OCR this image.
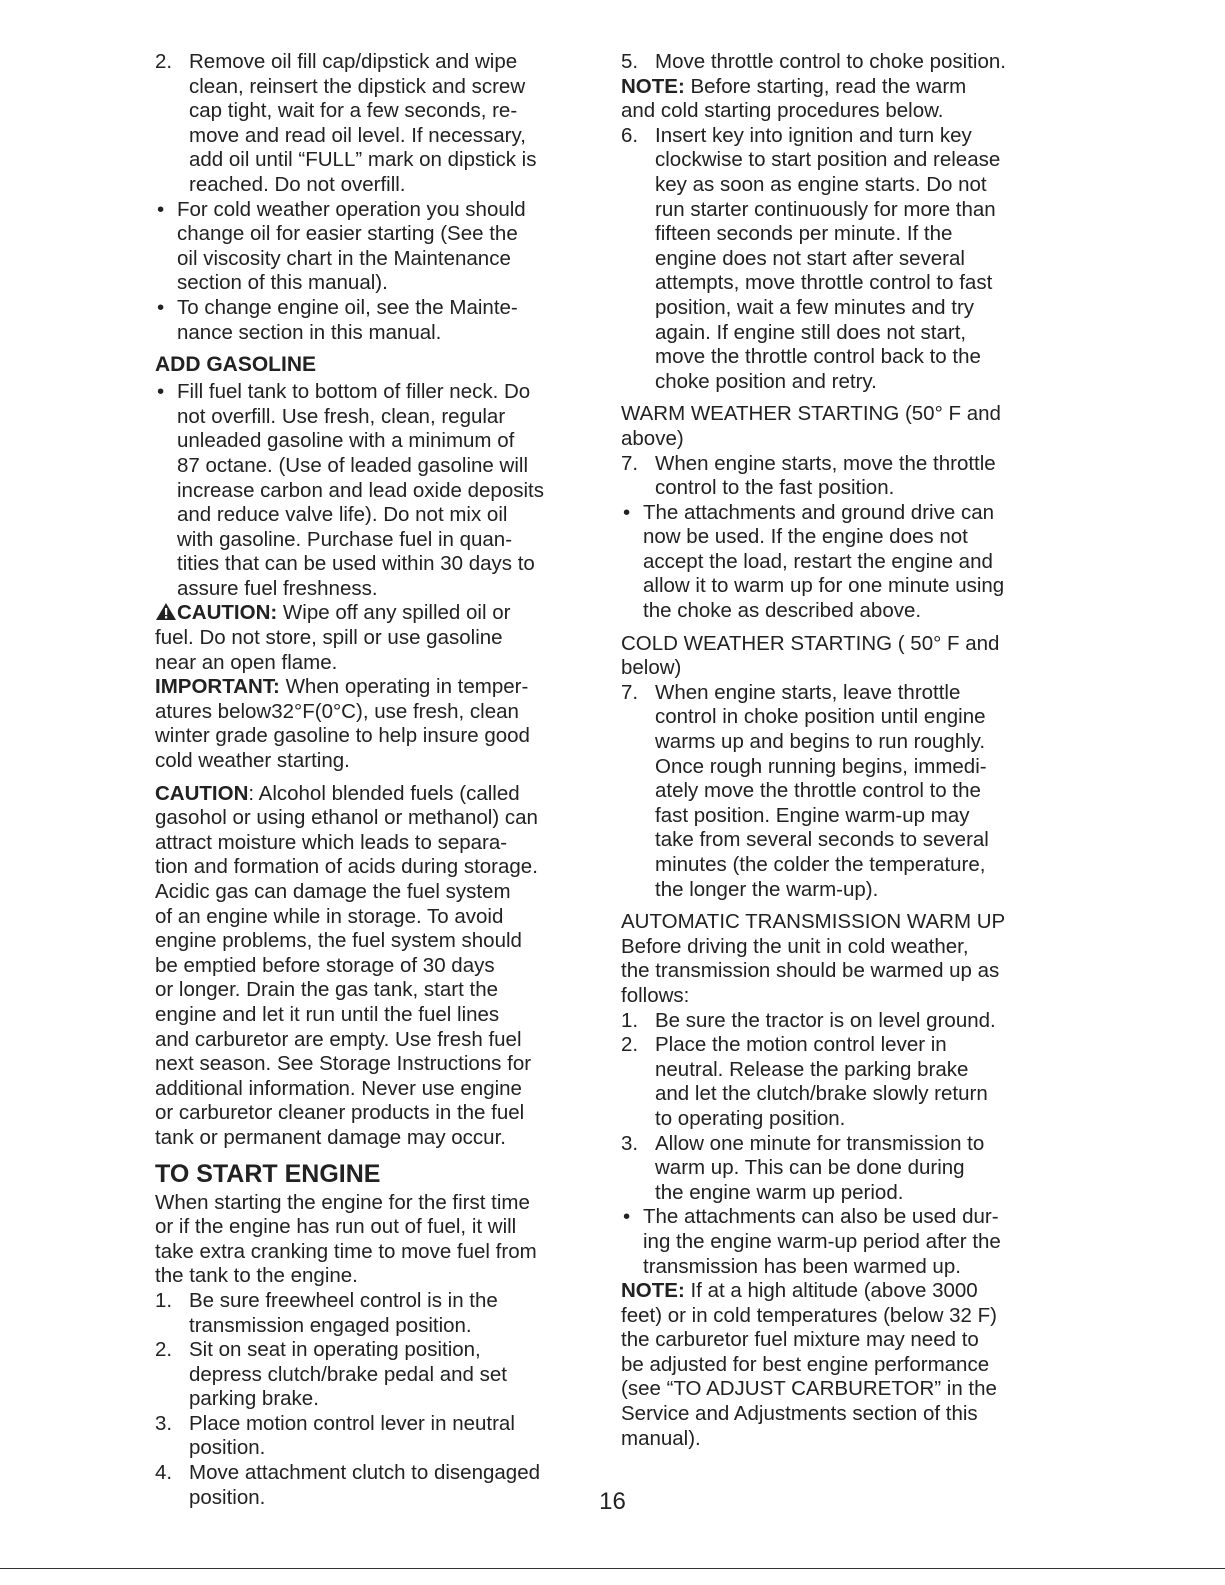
2. Remove oil fill cap/dipstick and wipe
clean, reinsert the dipstick and screw
cap tight, wait for a few seconds, re-
move and read oil level. If necessary,
add oil until “FULL” mark on dipstick is
reached. Do not overfill.
• For cold weather operation you should
change oil for easier starting (See the
oil viscosity chart in the Maintenance
section of this manual).
• To change engine oil, see the Mainte-
nance section in this manual.
ADD GASOLINE
• Fill fuel tank to bottom of filler neck. Do
not overfill. Use fresh, clean, regular
unleaded gasoline with a minimum of
87 octane. (Use of leaded gasoline will
increase carbon and lead oxide deposits
and reduce valve life). Do not mix oil
with gasoline. Purchase fuel in quan-
tities that can be used within 30 days to
assure fuel freshness.
CAUTION: Wipe off any spilled oil or
fuel. Do not store, spill or use gasoline
near an open flame.
IMPORTANT: When operating in temper-
atures below32°F(0°C), use fresh, clean
winter grade gasoline to help insure good
cold weather starting.
CAUTION: Alcohol blended fuels (called
gasohol or using ethanol or methanol) can
attract moisture which leads to separa-
tion and formation of acids during storage.
Acidic gas can damage the fuel system
of an engine while in storage. To avoid
engine problems, the fuel system should
be emptied before storage of 30 days
or longer. Drain the gas tank, start the
engine and let it run until the fuel lines
and carburetor are empty. Use fresh fuel
next season. See Storage Instructions for
additional information. Never use engine
or carburetor cleaner products in the fuel
tank or permanent damage may occur.
TO START ENGINE
When starting the engine for the first time
or if the engine has run out of fuel, it will
take extra cranking time to move fuel from
the tank to the engine.
1. Be sure freewheel control is in the
transmission engaged position.
2. Sit on seat in operating position,
depress clutch/brake pedal and set
parking brake.
3. Place motion control lever in neutral
position.
4. Move attachment clutch to disengaged
position.
5. Move throttle control to choke position.
NOTE: Before starting, read the warm
and cold starting procedures below.
6. Insert key into ignition and turn key
clockwise to start position and release
key as soon as engine starts. Do not
run starter continuously for more than
fifteen seconds per minute. If the
engine does not start after several
attempts, move throttle control to fast
position, wait a few minutes and try
again. If engine still does not start,
move the throttle control back to the
choke position and retry.
WARM WEATHER STARTING (50° F and
above)
7. When engine starts, move the throttle
control to the fast position.
• The attachments and ground drive can
now be used. If the engine does not
accept the load, restart the engine and
allow it to warm up for one minute using
the choke as described above.
COLD WEATHER STARTING ( 50° F and
below)
7. When engine starts, leave throttle
control in choke position until engine
warms up and begins to run roughly.
Once rough running begins, immedi-
ately move the throttle control to the
fast position. Engine warm-up may
take from several seconds to several
minutes (the colder the temperature,
the longer the warm-up).
AUTOMATIC TRANSMISSION WARM UP
Before driving the unit in cold weather,
the transmission should be warmed up as
follows:
1. Be sure the tractor is on level ground.
2. Place the motion control lever in
neutral. Release the parking brake
and let the clutch/brake slowly return
to operating position.
3. Allow one minute for transmission to
warm up. This can be done during
the engine warm up period.
• The attachments can also be used dur-
ing the engine warm-up period after the
transmission has been warmed up.
NOTE: If at a high altitude (above 3000
feet) or in cold temperatures (below 32 F)
the carburetor fuel mixture may need to
be adjusted for best engine performance
(see “TO ADJUST CARBURETOR” in the
Service and Adjustments section of this
manual).
16
